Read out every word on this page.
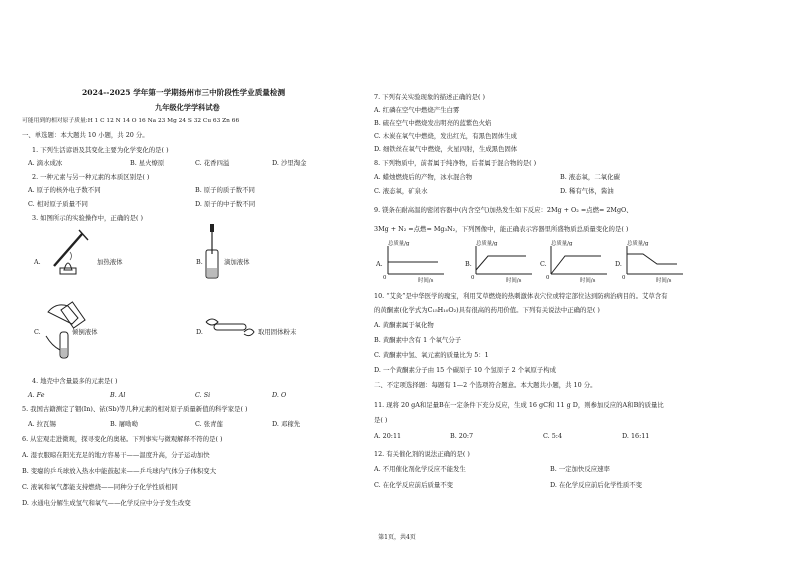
2024--2025 学年第一学期扬州市三中阶段性学业质量检测
九年级化学学科试卷
可能用到的相对原子质量:H 1 C 12 N 14 O 16 Na 23 Mg 24 S 32 Cu 63 Zn 66
一、单选题：本大题共 10 小题，共 20 分。
1. 下列生活谚语及其变化主要为化学变化的是( )
A. 滴水成冰	B. 星火燎原	C. 花香四溢	D. 沙里淘金
2. 一种元素与另一种元素的本质区别是( )
A. 原子的核外电子数不同	B. 原子的质子数不同
C. 相对原子质量不同	D. 原子的中子数不同
3. 如图所示的实验操作中，正确的是( )
A.	加热液体	B.	滴加液体
C.	倾倒液体	D.	取用固体粉末
4. 地壳中含量最多的元素是( )
A. Fe	B. Al	C. Si	D. O
5. 我国古籍测定了铟(In)、铱(Sb)等几种元素的相对原子质量新值的科学家是( )
A. 拉瓦锡	B. 屠呦呦	C. 张青莲	D. 邓稼先
6. 从宏观走进微观，探寻变化的奥秘。下列事实与微观解释不符的是( )
A. 湿衣服晾在阳光充足的地方容易干——温度升高，分子运动加快
B. 变瘪的乒乓球放入热水中能鼓起来——乒乓球内气体分子体积变大
C. 液氧和氧气都能支持燃烧——同种分子化学性质相同
D. 水通电分解生成氢气和氧气——化学反应中分子发生改变
7. 下列有关实验现象的描述正确的是( )
A. 红磷在空气中燃烧产生白雾
B. 硫在空气中燃烧发出明亮的蓝紫色火焰
C. 木炭在氧气中燃烧，发出红光，有黑色固体生成
D. 细铁丝在氧气中燃烧，火星四射，生成黑色固体
8. 下列物质中，前者属于纯净物，后者属于混合物的是( )
A. 蜡烛燃烧后的产物，冰水混合物	B. 液态氧，二氧化碳
C. 液态氧，矿泉水	D. 稀有气体，酱油
9. 镁条在耐高温的密闭容器中(内含空气)加热发生如下反应：2Mg + O₂ =点燃= 2MgO、
3Mg + N₂ =点燃= Mg₃N₂，下列图像中，能正确表示容器里所盛物质总质量变化的是( )
A.
总质量/g
0	时间/s
B.
总质量/g
0	时间/s
C.
总质量/g
0	时间/s
D.
总质量/g
0	时间/s
10. “艾灸”是中华医学的瑰宝，利用艾草燃烧的热刺激体表穴位或特定部位达到防病治病目的。艾草含有
的黄酮素(化学式为C₁₅H₁₀O₂)具有很高的药用价值。下列有关说法中正确的是( )
A. 黄酮素属于氧化物
B. 黄酮素中含有 1 个氧气分子
C. 黄酮素中氢、氧元素的质量比为 5：1
D. 一个黄酮素分子由 15 个碳原子 10 个氢原子 2 个氧原子构成
二、不定项选择题：每题有 1—2 个选项符合题意。本大题共小题，共 10 分。
11. 现将 20 gA和足量B在一定条件下充分反应，生成 16 gC和 11 g D，则参加反应的A和B的质量比
是( )
A. 20:11	B. 20:7	C. 5:4	D. 16:11
12. 有关催化剂的说法正确的是( )
A. 不用催化剂化学反应不能发生	B. 一定加快反应速率
C. 在化学反应前后质量不变	D. 在化学反应前后化学性质不变
第1页，共4页
